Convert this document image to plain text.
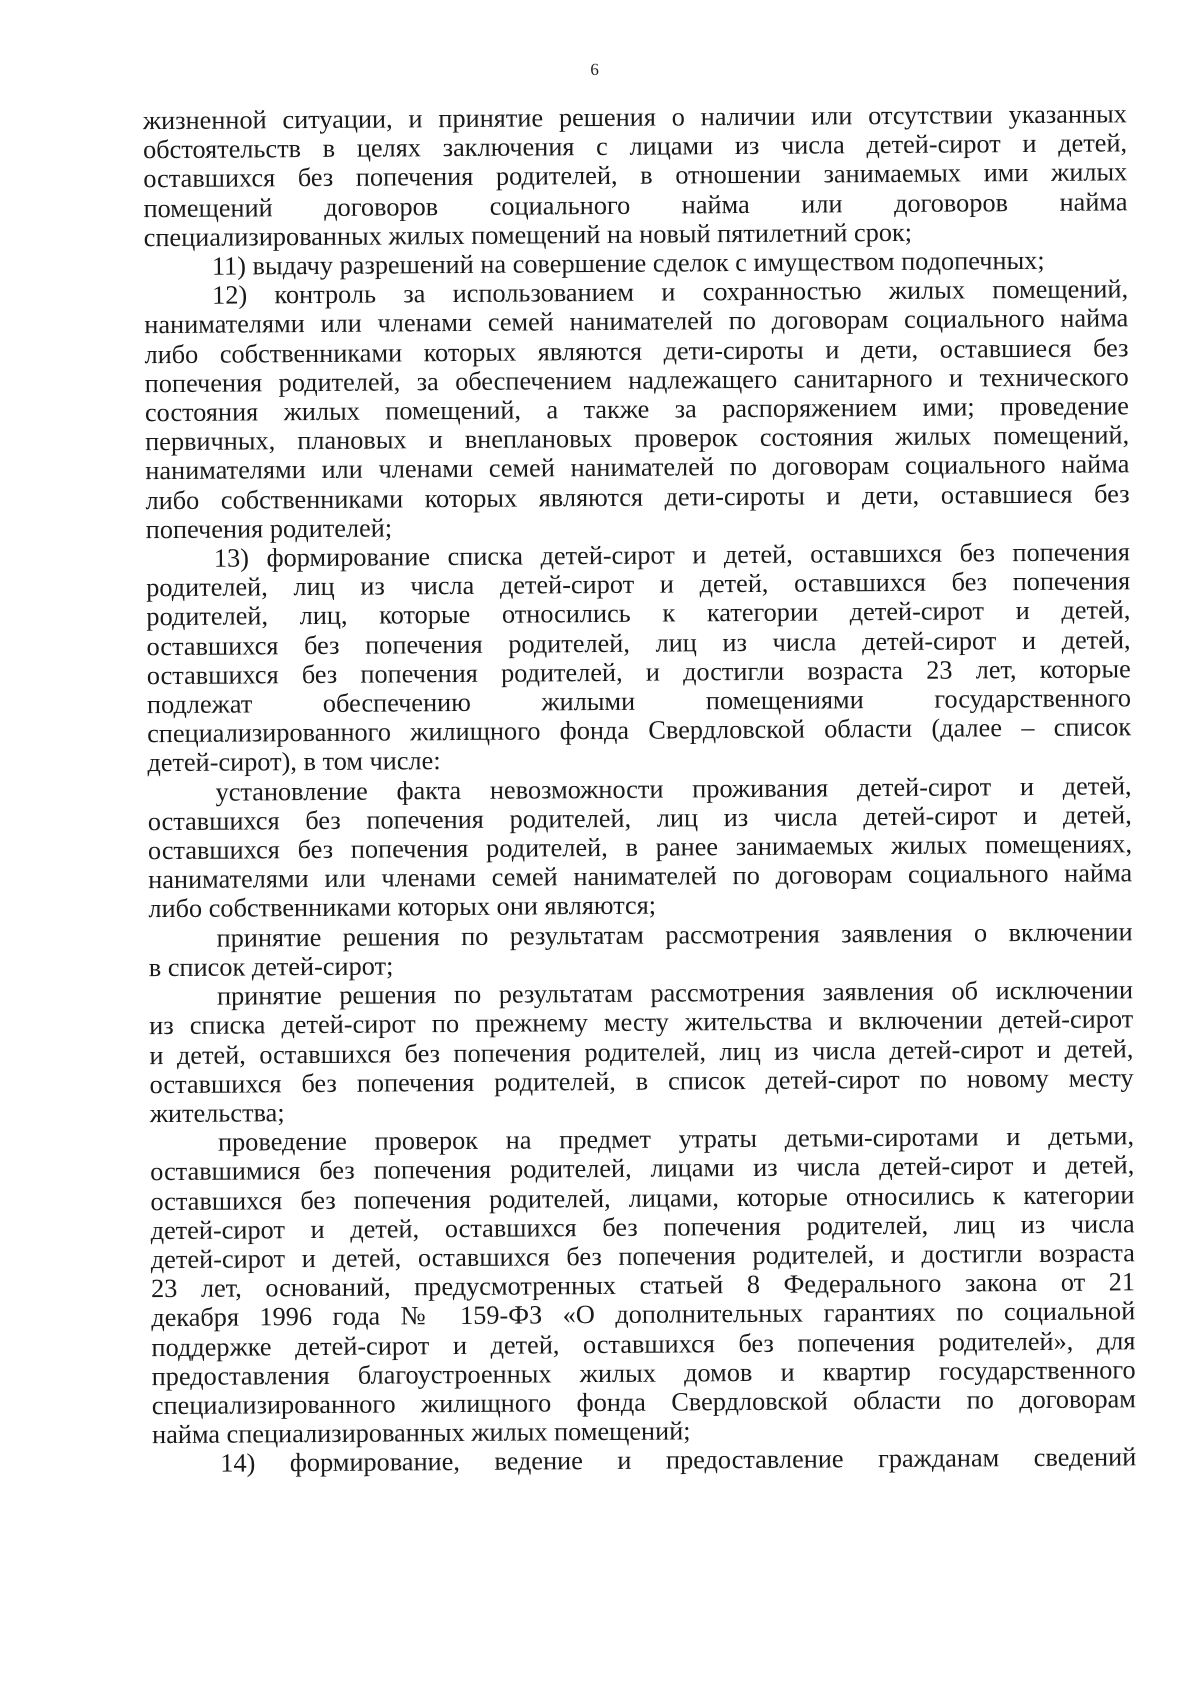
6
жизненной ситуации, и принятие решения о наличии или отсутствии указанных
обстоятельств в целях заключения с лицами из числа детей-сирот и детей,
оставшихся без попечения родителей, в отношении занимаемых ими жилых
помещений договоров социального найма или договоров найма
специализированных жилых помещений на новый пятилетний срок;
11) выдачу разрешений на совершение сделок с имуществом подопечных;
12) контроль за использованием и сохранностью жилых помещений,
нанимателями или членами семей нанимателей по договорам социального найма
либо собственниками которых являются дети-сироты и дети, оставшиеся без
попечения родителей, за обеспечением надлежащего санитарного и технического
состояния жилых помещений, а также за распоряжением ими; проведение
первичных, плановых и внеплановых проверок состояния жилых помещений,
нанимателями или членами семей нанимателей по договорам социального найма
либо собственниками которых являются дети-сироты и дети, оставшиеся без
попечения родителей;
13) формирование списка детей-сирот и детей, оставшихся без попечения
родителей, лиц из числа детей-сирот и детей, оставшихся без попечения
родителей, лиц, которые относились к категории детей-сирот и детей,
оставшихся без попечения родителей, лиц из числа детей-сирот и детей,
оставшихся без попечения родителей, и достигли возраста 23 лет, которые
подлежат обеспечению жилыми помещениями государственного
специализированного жилищного фонда Свердловской области (далее – список
детей-сирот), в том числе:
установление факта невозможности проживания детей-сирот и детей,
оставшихся без попечения родителей, лиц из числа детей-сирот и детей,
оставшихся без попечения родителей, в ранее занимаемых жилых помещениях,
нанимателями или членами семей нанимателей по договорам социального найма
либо собственниками которых они являются;
принятие решения по результатам рассмотрения заявления о включении
в список детей-сирот;
принятие решения по результатам рассмотрения заявления об исключении
из списка детей-сирот по прежнему месту жительства и включении детей-сирот
и детей, оставшихся без попечения родителей, лиц из числа детей-сирот и детей,
оставшихся без попечения родителей, в список детей-сирот по новому месту
жительства;
проведение проверок на предмет утраты детьми-сиротами и детьми,
оставшимися без попечения родителей, лицами из числа детей-сирот и детей,
оставшихся без попечения родителей, лицами, которые относились к категории
детей-сирот и детей, оставшихся без попечения родителей, лиц из числа
детей-сирот и детей, оставшихся без попечения родителей, и достигли возраста
23 лет, оснований, предусмотренных статьей 8 Федерального закона от 21
декабря 1996 года № 159-ФЗ «О дополнительных гарантиях по социальной
поддержке детей-сирот и детей, оставшихся без попечения родителей», для
предоставления благоустроенных жилых домов и квартир государственного
специализированного жилищного фонда Свердловской области по договорам
найма специализированных жилых помещений;
14) формирование, ведение и предоставление гражданам сведений
